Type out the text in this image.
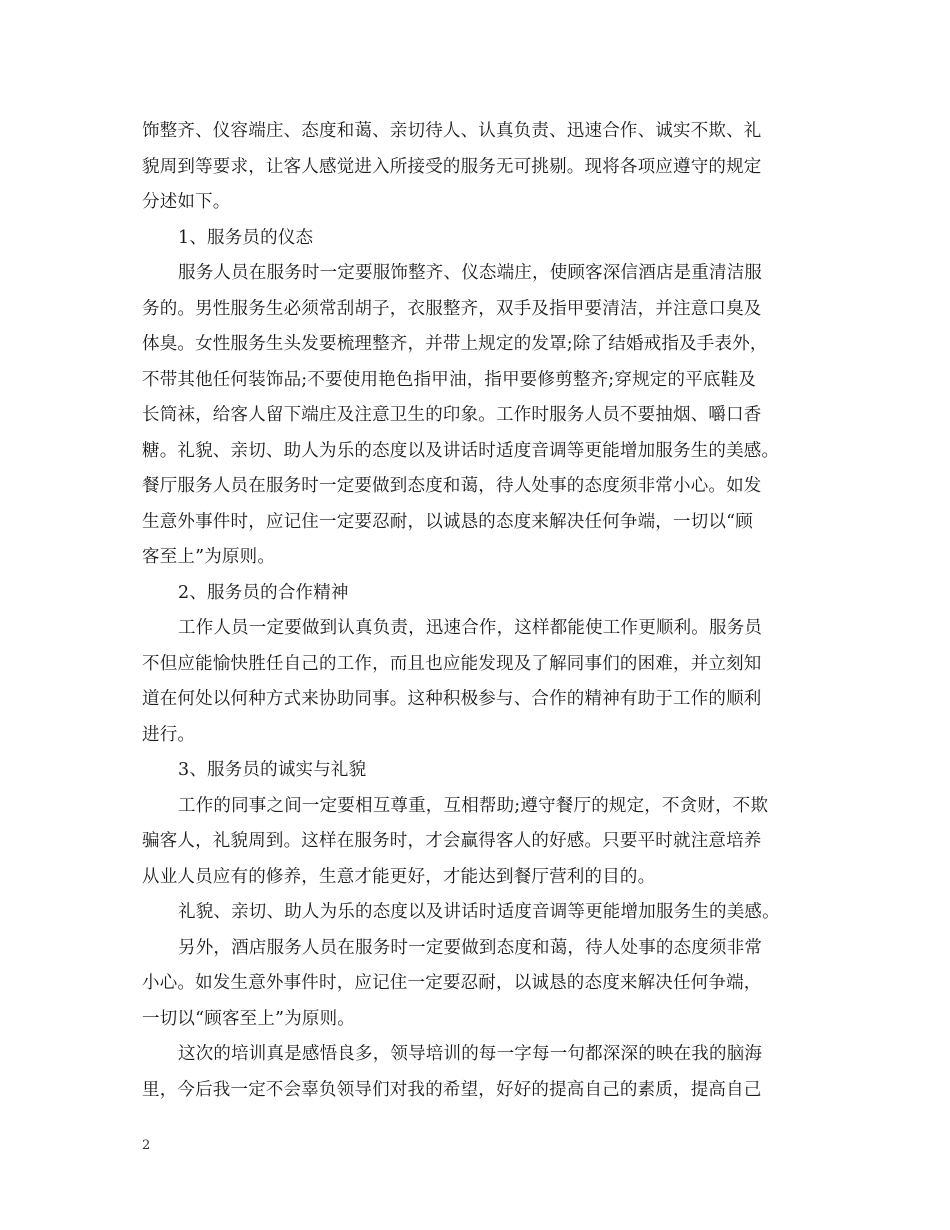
饰整齐、仪容端庄、态度和蔼、亲切待人、认真负责、迅速合作、诚实不欺、礼
貌周到等要求，让客人感觉进入所接受的服务无可挑剔。现将各项应遵守的规定
分述如下。
1、服务员的仪态
服务人员在服务时一定要服饰整齐、仪态端庄，使顾客深信酒店是重清洁服
务的。男性服务生必须常刮胡子，衣服整齐，双手及指甲要清洁，并注意口臭及
体臭。女性服务生头发要梳理整齐，并带上规定的发罩;除了结婚戒指及手表外，
不带其他任何装饰品;不要使用艳色指甲油，指甲要修剪整齐;穿规定的平底鞋及
长筒袜，给客人留下端庄及注意卫生的印象。工作时服务人员不要抽烟、嚼口香
糖。礼貌、亲切、助人为乐的态度以及讲话时适度音调等更能增加服务生的美感。
餐厅服务人员在服务时一定要做到态度和蔼，待人处事的态度须非常小心。如发
生意外事件时，应记住一定要忍耐，以诚恳的态度来解决任何争端，一切以“顾
客至上”为原则。
2、服务员的合作精神
工作人员一定要做到认真负责，迅速合作，这样都能使工作更顺利。服务员
不但应能愉快胜任自己的工作，而且也应能发现及了解同事们的困难，并立刻知
道在何处以何种方式来协助同事。这种积极参与、合作的精神有助于工作的顺利
进行。
3、服务员的诚实与礼貌
工作的同事之间一定要相互尊重，互相帮助;遵守餐厅的规定，不贪财，不欺
骗客人，礼貌周到。这样在服务时，才会赢得客人的好感。只要平时就注意培养
从业人员应有的修养，生意才能更好，才能达到餐厅营利的目的。
礼貌、亲切、助人为乐的态度以及讲话时适度音调等更能增加服务生的美感。
另外，酒店服务人员在服务时一定要做到态度和蔼，待人处事的态度须非常
小心。如发生意外事件时，应记住一定要忍耐，以诚恳的态度来解决任何争端，
一切以“顾客至上”为原则。
这次的培训真是感悟良多，领导培训的每一字每一句都深深的映在我的脑海
里，今后我一定不会辜负领导们对我的希望，好好的提高自己的素质，提高自己
2
